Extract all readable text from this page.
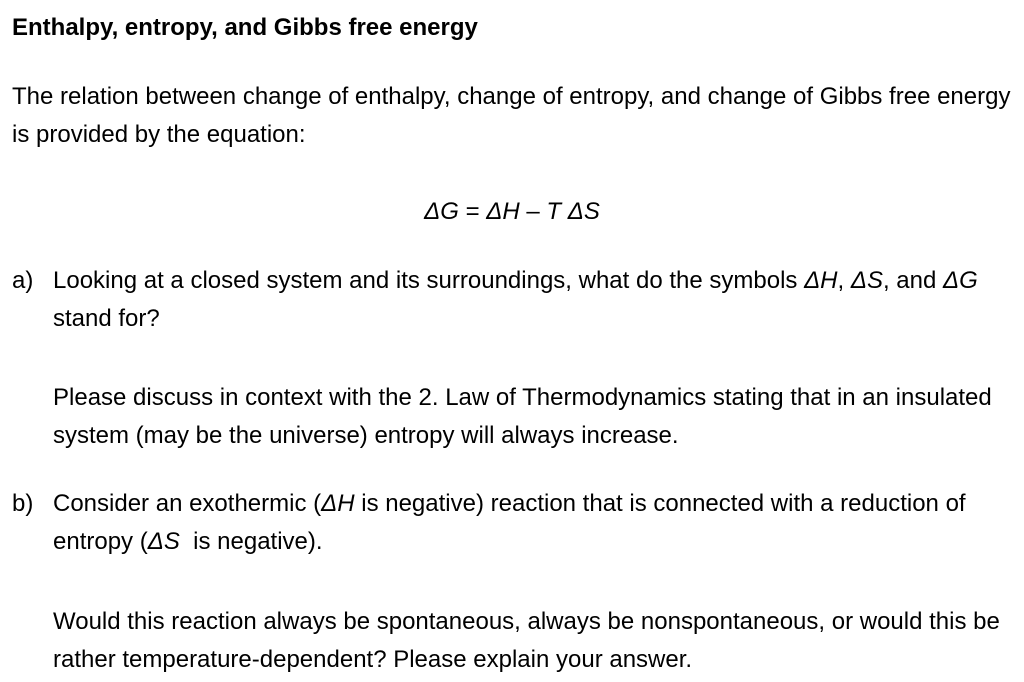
Enthalpy, entropy, and Gibbs free energy
The relation between change of enthalpy, change of entropy, and change of Gibbs free energy is provided by the equation:
ΔG = ΔH – T ΔS
a) Looking at a closed system and its surroundings, what do the symbols ΔH, ΔS, and ΔG stand for?
Please discuss in context with the 2. Law of Thermodynamics stating that in an insulated system (may be the universe) entropy will always increase.
b) Consider an exothermic (ΔH is negative) reaction that is connected with a reduction of entropy (ΔS  is negative).
Would this reaction always be spontaneous, always be nonspontaneous, or would this be rather temperature-dependent? Please explain your answer.
